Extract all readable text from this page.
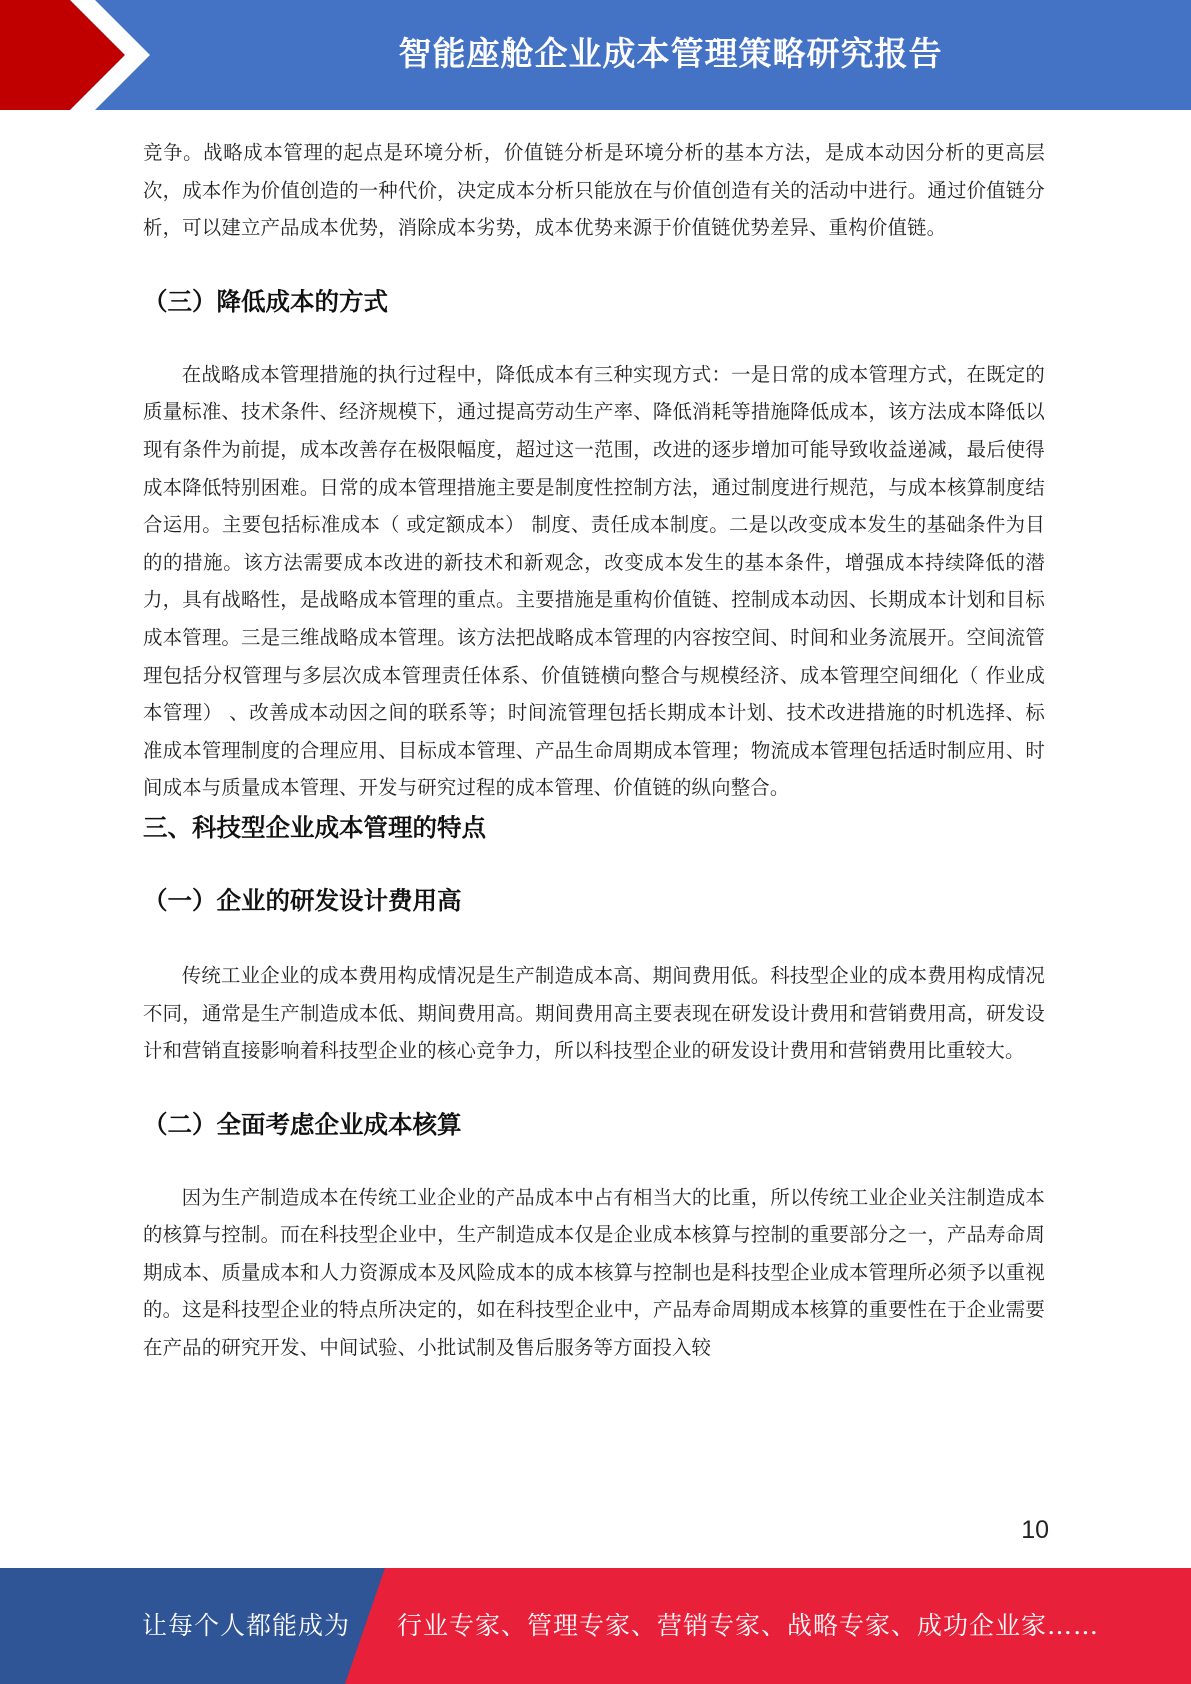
智能座舱企业成本管理策略研究报告

竞争。战略成本管理的起点是环境分析，价值链分析是环境分析的基本方法，是成本动因分析的更高层次，成本作为价值创造的一种代价，决定成本分析只能放在与价值创造有关的活动中进行。通过价值链分析，可以建立产品成本优势，消除成本劣势，成本优势来源于价值链优势差异、重构价值链。

（三）降低成本的方式

在战略成本管理措施的执行过程中，降低成本有三种实现方式：一是日常的成本管理方式，在既定的质量标准、技术条件、经济规模下，通过提高劳动生产率、降低消耗等措施降低成本，该方法成本降低以现有条件为前提，成本改善存在极限幅度，超过这一范围，改进的逐步增加可能导致收益递减，最后使得成本降低特别困难。日常的成本管理措施主要是制度性控制方法，通过制度进行规范，与成本核算制度结合运用。主要包括标准成本（ 或定额成本） 制度、责任成本制度。二是以改变成本发生的基础条件为目的的措施。该方法需要成本改进的新技术和新观念，改变成本发生的基本条件，增强成本持续降低的潜力，具有战略性，是战略成本管理的重点。主要措施是重构价值链、控制成本动因、长期成本计划和目标成本管理。三是三维战略成本管理。该方法把战略成本管理的内容按空间、时间和业务流展开。空间流管理包括分权管理与多层次成本管理责任体系、价值链横向整合与规模经济、成本管理空间细化（ 作业成本管理） 、改善成本动因之间的联系等；时间流管理包括长期成本计划、技术改进措施的时机选择、标准成本管理制度的合理应用、目标成本管理、产品生命周期成本管理；物流成本管理包括适时制应用、时间成本与质量成本管理、开发与研究过程的成本管理、价值链的纵向整合。

三、科技型企业成本管理的特点
（一）企业的研发设计费用高

传统工业企业的成本费用构成情况是生产制造成本高、期间费用低。科技型企业的成本费用构成情况不同，通常是生产制造成本低、期间费用高。期间费用高主要表现在研发设计费用和营销费用高，研发设计和营销直接影响着科技型企业的核心竞争力，所以科技型企业的研发设计费用和营销费用比重较大。

（二）全面考虑企业成本核算

因为生产制造成本在传统工业企业的产品成本中占有相当大的比重，所以传统工业企业关注制造成本的核算与控制。而在科技型企业中，生产制造成本仅是企业成本核算与控制的重要部分之一，产品寿命周期成本、质量成本和人力资源成本及风险成本的成本核算与控制也是科技型企业成本管理所必须予以重视的。这是科技型企业的特点所决定的，如在科技型企业中，产品寿命周期成本核算的重要性在于企业需要在产品的研究开发、中间试验、小批试制及售后服务等方面投入较

10
让每个人都能成为 行业专家、管理专家、营销专家、战略专家、成功企业家……
